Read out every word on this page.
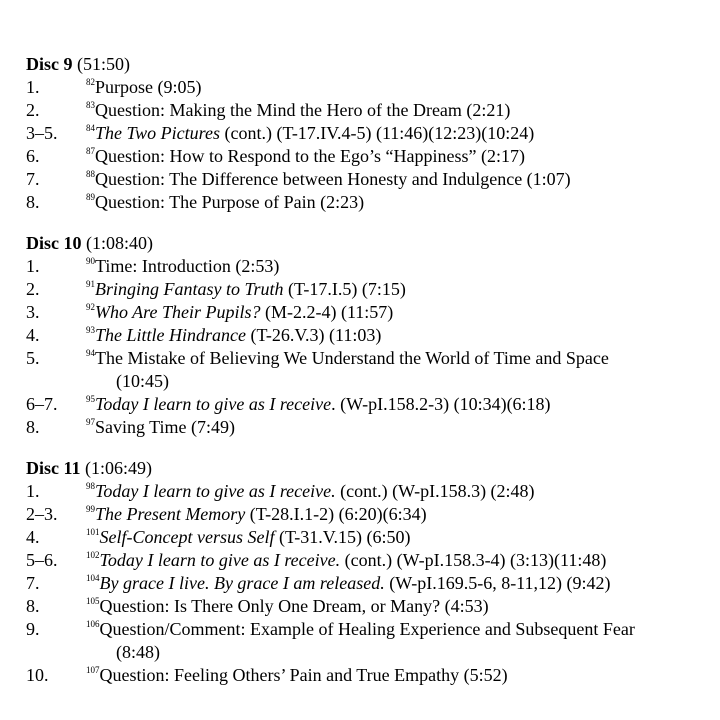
Disc 9 (51:50)
1.	$^{82}$Purpose (9:05)
2.	$^{83}$Question: Making the Mind the Hero of the Dream (2:21)
3–5.	$^{84}$The Two Pictures (cont.) (T-17.IV.4-5) (11:46)(12:23)(10:24)
6.	$^{87}$Question: How to Respond to the Ego’s “Happiness” (2:17)
7.	$^{88}$Question: The Difference between Honesty and Indulgence (1:07)
8.	$^{89}$Question: The Purpose of Pain (2:23)
Disc 10 (1:08:40)
1.	$^{90}$Time: Introduction (2:53)
2.	$^{91}$Bringing Fantasy to Truth (T-17.I.5) (7:15)
3.	$^{92}$Who Are Their Pupils? (M-2.2-4) (11:57)
4.	$^{93}$The Little Hindrance (T-26.V.3) (11:03)
5.	$^{94}$The Mistake of Believing We Understand the World of Time and Space
(10:45)
6–7.	$^{95}$Today I learn to give as I receive. (W-pI.158.2-3) (10:34)(6:18)
8.	$^{97}$Saving Time (7:49)
Disc 11 (1:06:49)
1.	$^{98}$Today I learn to give as I receive. (cont.) (W-pI.158.3) (2:48)
2–3.	$^{99}$The Present Memory (T-28.I.1-2) (6:20)(6:34)
4.	$^{101}$Self-Concept versus Self (T-31.V.15) (6:50)
5–6.	$^{102}$Today I learn to give as I receive. (cont.) (W-pI.158.3-4) (3:13)(11:48)
7.	$^{104}$By grace I live. By grace I am released. (W-pI.169.5-6, 8-11,12) (9:42)
8.	$^{105}$Question: Is There Only One Dream, or Many? (4:53)
9.	$^{106}$Question/Comment: Example of Healing Experience and Subsequent Fear
(8:48)
10.	$^{107}$Question: Feeling Others’ Pain and True Empathy (5:52)
